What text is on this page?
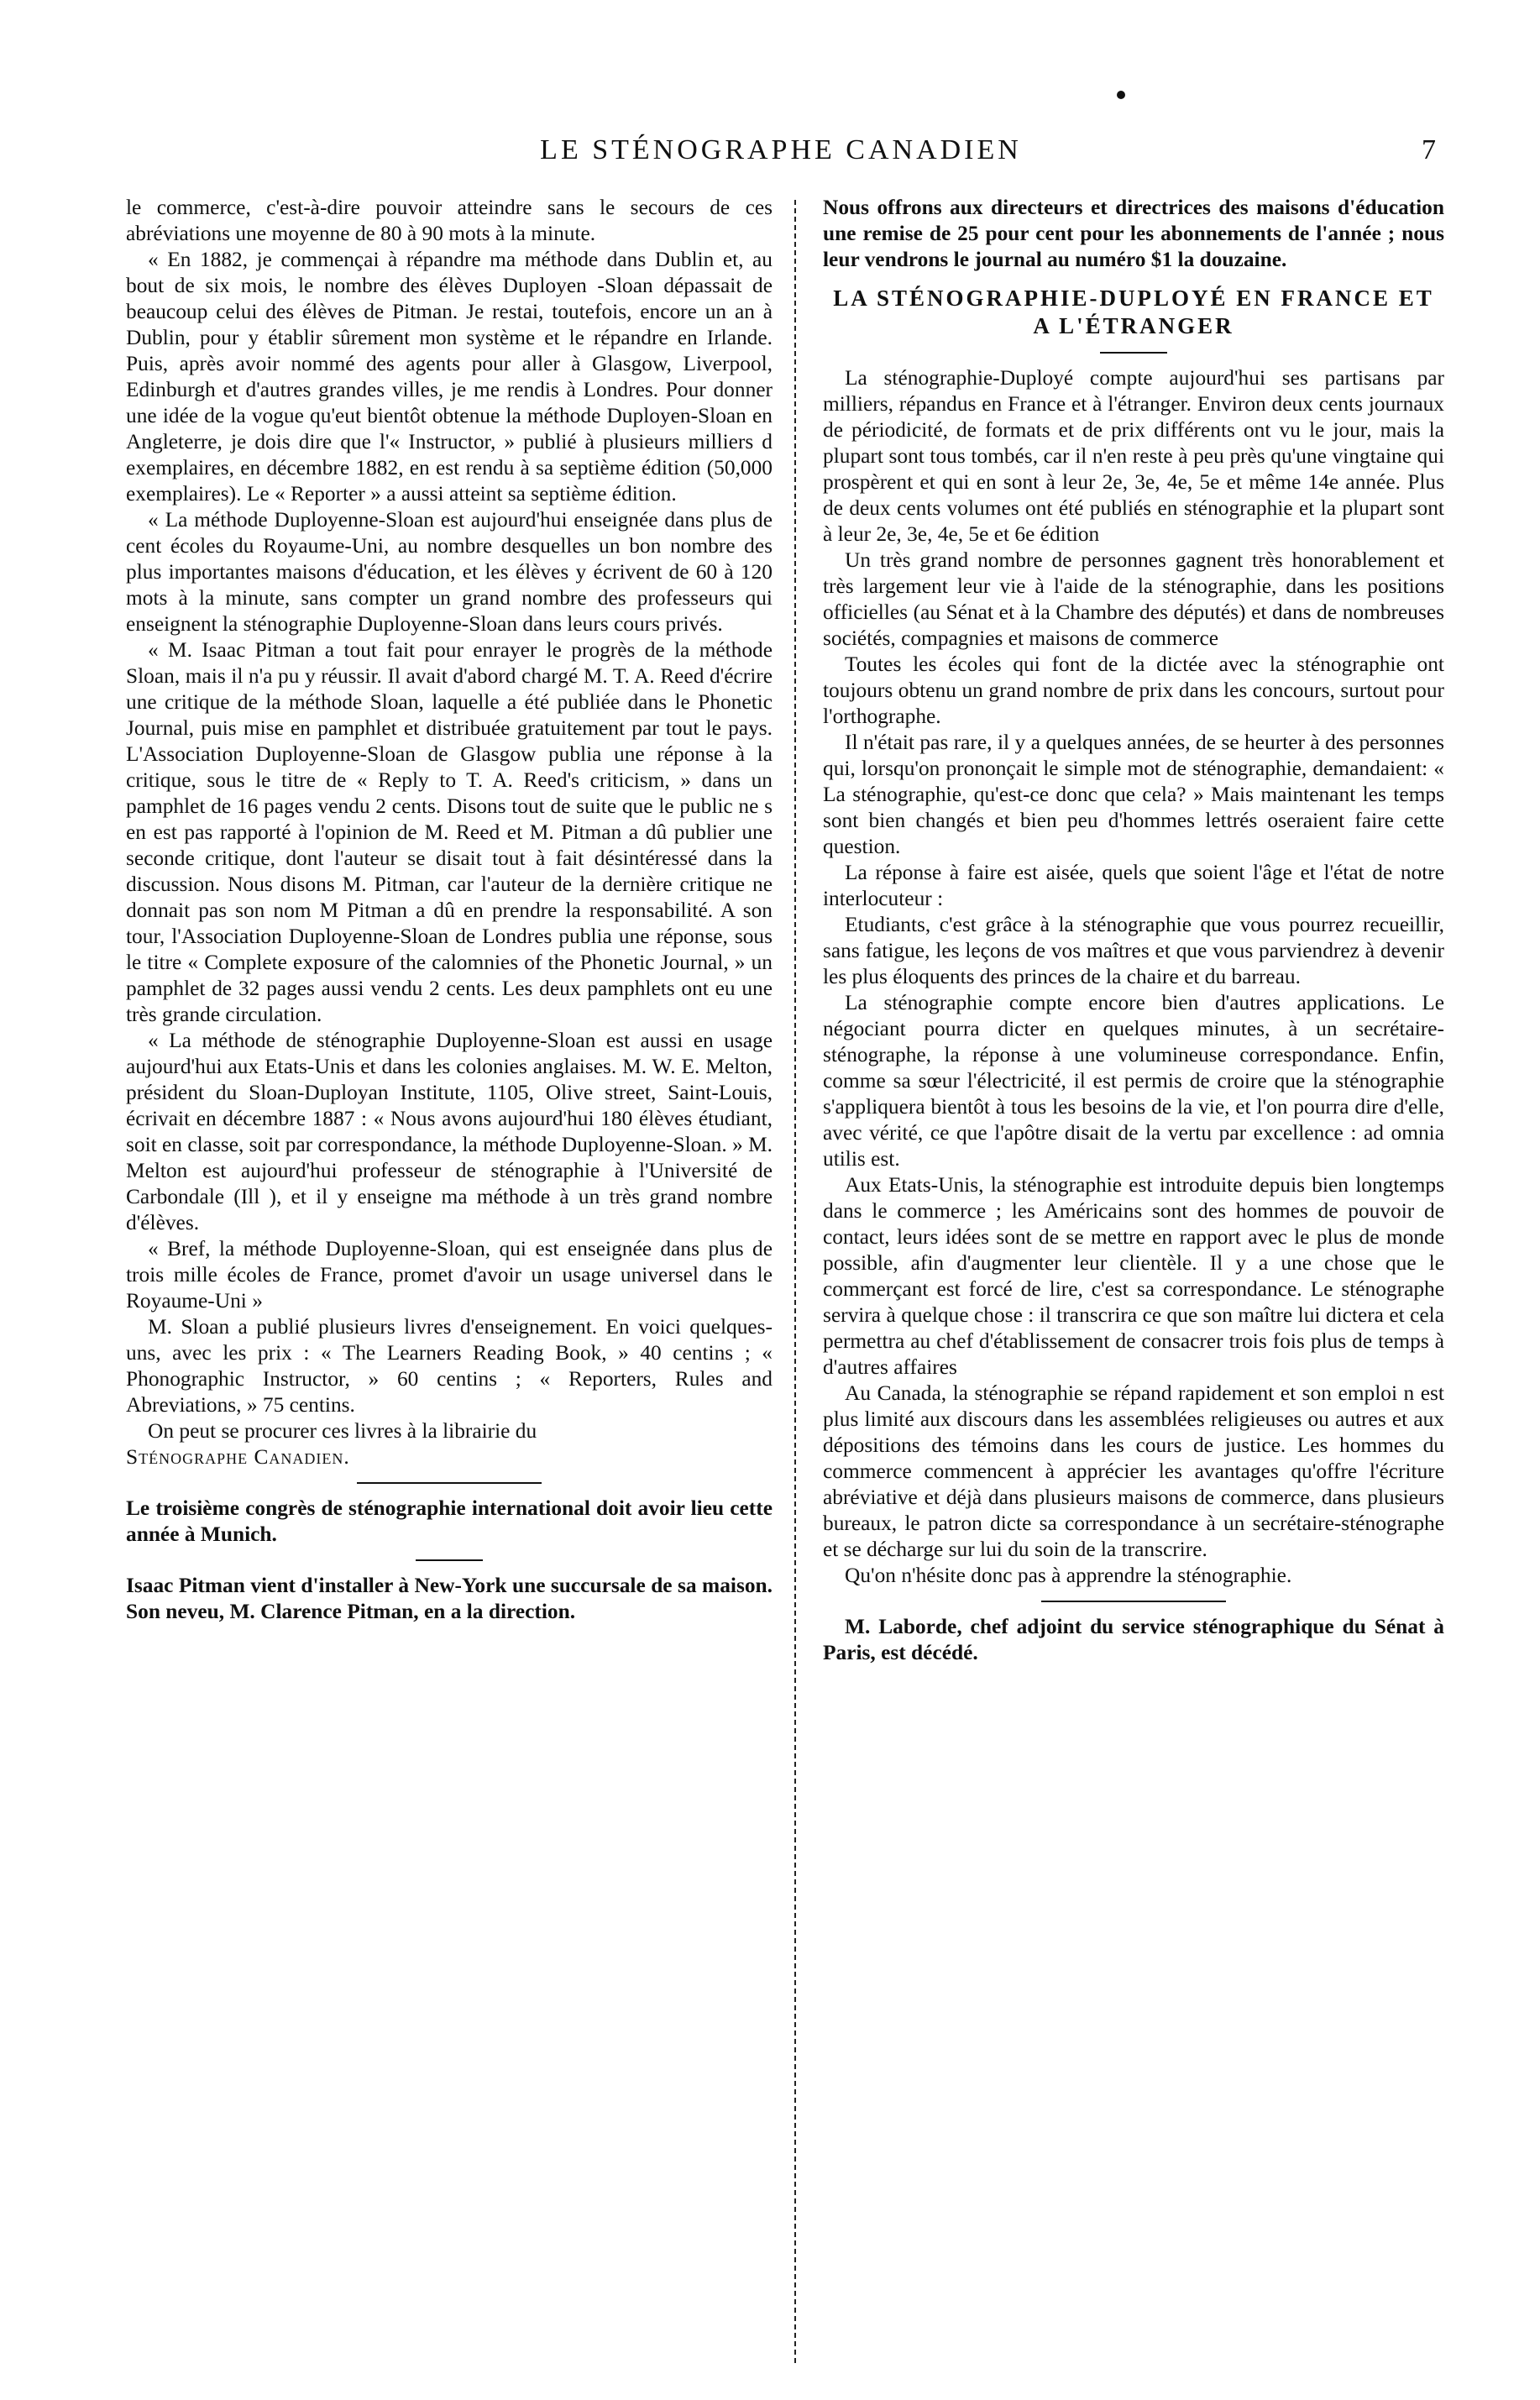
LE STÉNOGRAPHE CANADIEN	7

le commerce, c'est-à-dire pouvoir atteindre sans le secours de ces abréviations une moyenne de 80 à 90 mots à la minute.

« En 1882, je commençai à répandre ma méthode dans Dublin et, au bout de six mois, le nombre des élèves Duployen -Sloan dépassait de beaucoup celui des élèves de Pitman. Je restai, toutefois, encore un an à Dublin, pour y établir sûrement mon système et le répandre en Irlande. Puis, après avoir nommé des agents pour aller à Glasgow, Liverpool, Edinburgh et d'autres grandes villes, je me rendis à Londres. Pour donner une idée de la vogue qu'eut bientôt obtenue la méthode Duployen-Sloan en Angleterre, je dois dire que l'« Instructor, » publié à plusieurs milliers d exemplaires, en décembre 1882, en est rendu à sa septième édition (50,000 exemplaires). Le « Reporter » a aussi atteint sa septième édition.

« La méthode Duployenne-Sloan est aujourd'hui enseignée dans plus de cent écoles du Royaume-Uni, au nombre desquelles un bon nombre des plus importantes maisons d'éducation, et les élèves y écrivent de 60 à 120 mots à la minute, sans compter un grand nombre des professeurs qui enseignent la sténographie Duployenne-Sloan dans leurs cours privés.

« M. Isaac Pitman a tout fait pour enrayer le progrès de la méthode Sloan, mais il n'a pu y réussir. Il avait d'abord chargé M. T. A. Reed d'écrire une critique de la méthode Sloan, laquelle a été publiée dans le Phonetic Journal, puis mise en pamphlet et distribuée gratuitement par tout le pays. L'Association Duployenne-Sloan de Glasgow publia une réponse à la critique, sous le titre de « Reply to T. A. Reed's criticism, » dans un pamphlet de 16 pages vendu 2 cents. Disons tout de suite que le public ne s en est pas rapporté à l'opinion de M. Reed et M. Pitman a dû publier une seconde critique, dont l'auteur se disait tout à fait désintéressé dans la discussion. Nous disons M. Pitman, car l'auteur de la dernière critique ne donnait pas son nom M Pitman a dû en prendre la responsabilité. A son tour, l'Association Duployenne-Sloan de Londres publia une réponse, sous le titre « Complete exposure of the calomnies of the Phonetic Journal, » un pamphlet de 32 pages aussi vendu 2 cents. Les deux pamphlets ont eu une très grande circulation.

« La méthode de sténographie Duployenne-Sloan est aussi en usage aujourd'hui aux Etats-Unis et dans les colonies anglaises. M. W. E. Melton, président du Sloan-Duployan Institute, 1105, Olive street, Saint-Louis, écrivait en décembre 1887 : « Nous avons aujourd'hui 180 élèves étudiant, soit en classe, soit par correspondance, la méthode Duployenne-Sloan. » M. Melton est aujourd'hui professeur de sténographie à l'Université de Carbondale (Ill ), et il y enseigne ma méthode à un très grand nombre d'élèves.

« Bref, la méthode Duployenne-Sloan, qui est enseignée dans plus de trois mille écoles de France, promet d'avoir un usage universel dans le Royaume-Uni »

M. Sloan a publié plusieurs livres d'enseignement. En voici quelques-uns, avec les prix : « The Learners Reading Book, » 40 centins ; « Phonographic Instructor, » 60 centins ; « Reporters, Rules and Abreviations, » 75 centins.

On peut se procurer ces livres à la librairie du

Sténographe Canadien.

Le troisième congrès de sténographie international doit avoir lieu cette année à Munich.

Isaac Pitman vient d'installer à New-York une succursale de sa maison. Son neveu, M. Clarence Pitman, en a la direction.

Nous offrons aux directeurs et directrices des maisons d'éducation une remise de 25 pour cent pour les abonnements de l'année ; nous leur vendrons le journal au numéro $1 la douzaine.

LA STÉNOGRAPHIE-DUPLOYÉ EN FRANCE ET A L'ÉTRANGER

La sténographie-Duployé compte aujourd'hui ses partisans par milliers, répandus en France et à l'étranger. Environ deux cents journaux de périodicité, de formats et de prix différents ont vu le jour, mais la plupart sont tous tombés, car il n'en reste à peu près qu'une vingtaine qui prospèrent et qui en sont à leur 2e, 3e, 4e, 5e et même 14e année. Plus de deux cents volumes ont été publiés en sténographie et la plupart sont à leur 2e, 3e, 4e, 5e et 6e édition

Un très grand nombre de personnes gagnent très honorablement et très largement leur vie à l'aide de la sténographie, dans les positions officielles (au Sénat et à la Chambre des députés) et dans de nombreuses sociétés, compagnies et maisons de commerce

Toutes les écoles qui font de la dictée avec la sténographie ont toujours obtenu un grand nombre de prix dans les concours, surtout pour l'orthographe.

Il n'était pas rare, il y a quelques années, de se heurter à des personnes qui, lorsqu'on prononçait le simple mot de sténographie, demandaient: « La sténographie, qu'est-ce donc que cela? » Mais maintenant les temps sont bien changés et bien peu d'hommes lettrés oseraient faire cette question.

La réponse à faire est aisée, quels que soient l'âge et l'état de notre interlocuteur :

Etudiants, c'est grâce à la sténographie que vous pourrez recueillir, sans fatigue, les leçons de vos maîtres et que vous parviendrez à devenir les plus éloquents des princes de la chaire et du barreau.

La sténographie compte encore bien d'autres applications. Le négociant pourra dicter en quelques minutes, à un secrétaire-sténographe, la réponse à une volumineuse correspondance. Enfin, comme sa sœur l'électricité, il est permis de croire que la sténographie s'appliquera bientôt à tous les besoins de la vie, et l'on pourra dire d'elle, avec vérité, ce que l'apôtre disait de la vertu par excellence : ad omnia utilis est.

Aux Etats-Unis, la sténographie est introduite depuis bien longtemps dans le commerce ; les Américains sont des hommes de pouvoir de contact, leurs idées sont de se mettre en rapport avec le plus de monde possible, afin d'augmenter leur clientèle. Il y a une chose que le commerçant est forcé de lire, c'est sa correspondance. Le sténographe servira à quelque chose : il transcrira ce que son maître lui dictera et cela permettra au chef d'établissement de consacrer trois fois plus de temps à d'autres affaires

Au Canada, la sténographie se répand rapidement et son emploi n est plus limité aux discours dans les assemblées religieuses ou autres et aux dépositions des témoins dans les cours de justice. Les hommes du commerce commencent à apprécier les avantages qu'offre l'écriture abréviative et déjà dans plusieurs maisons de commerce, dans plusieurs bureaux, le patron dicte sa correspondance à un secrétaire-sténographe et se décharge sur lui du soin de la transcrire.

Qu'on n'hésite donc pas à apprendre la sténographie.

M. Laborde, chef adjoint du service sténographique du Sénat à Paris, est décédé.
